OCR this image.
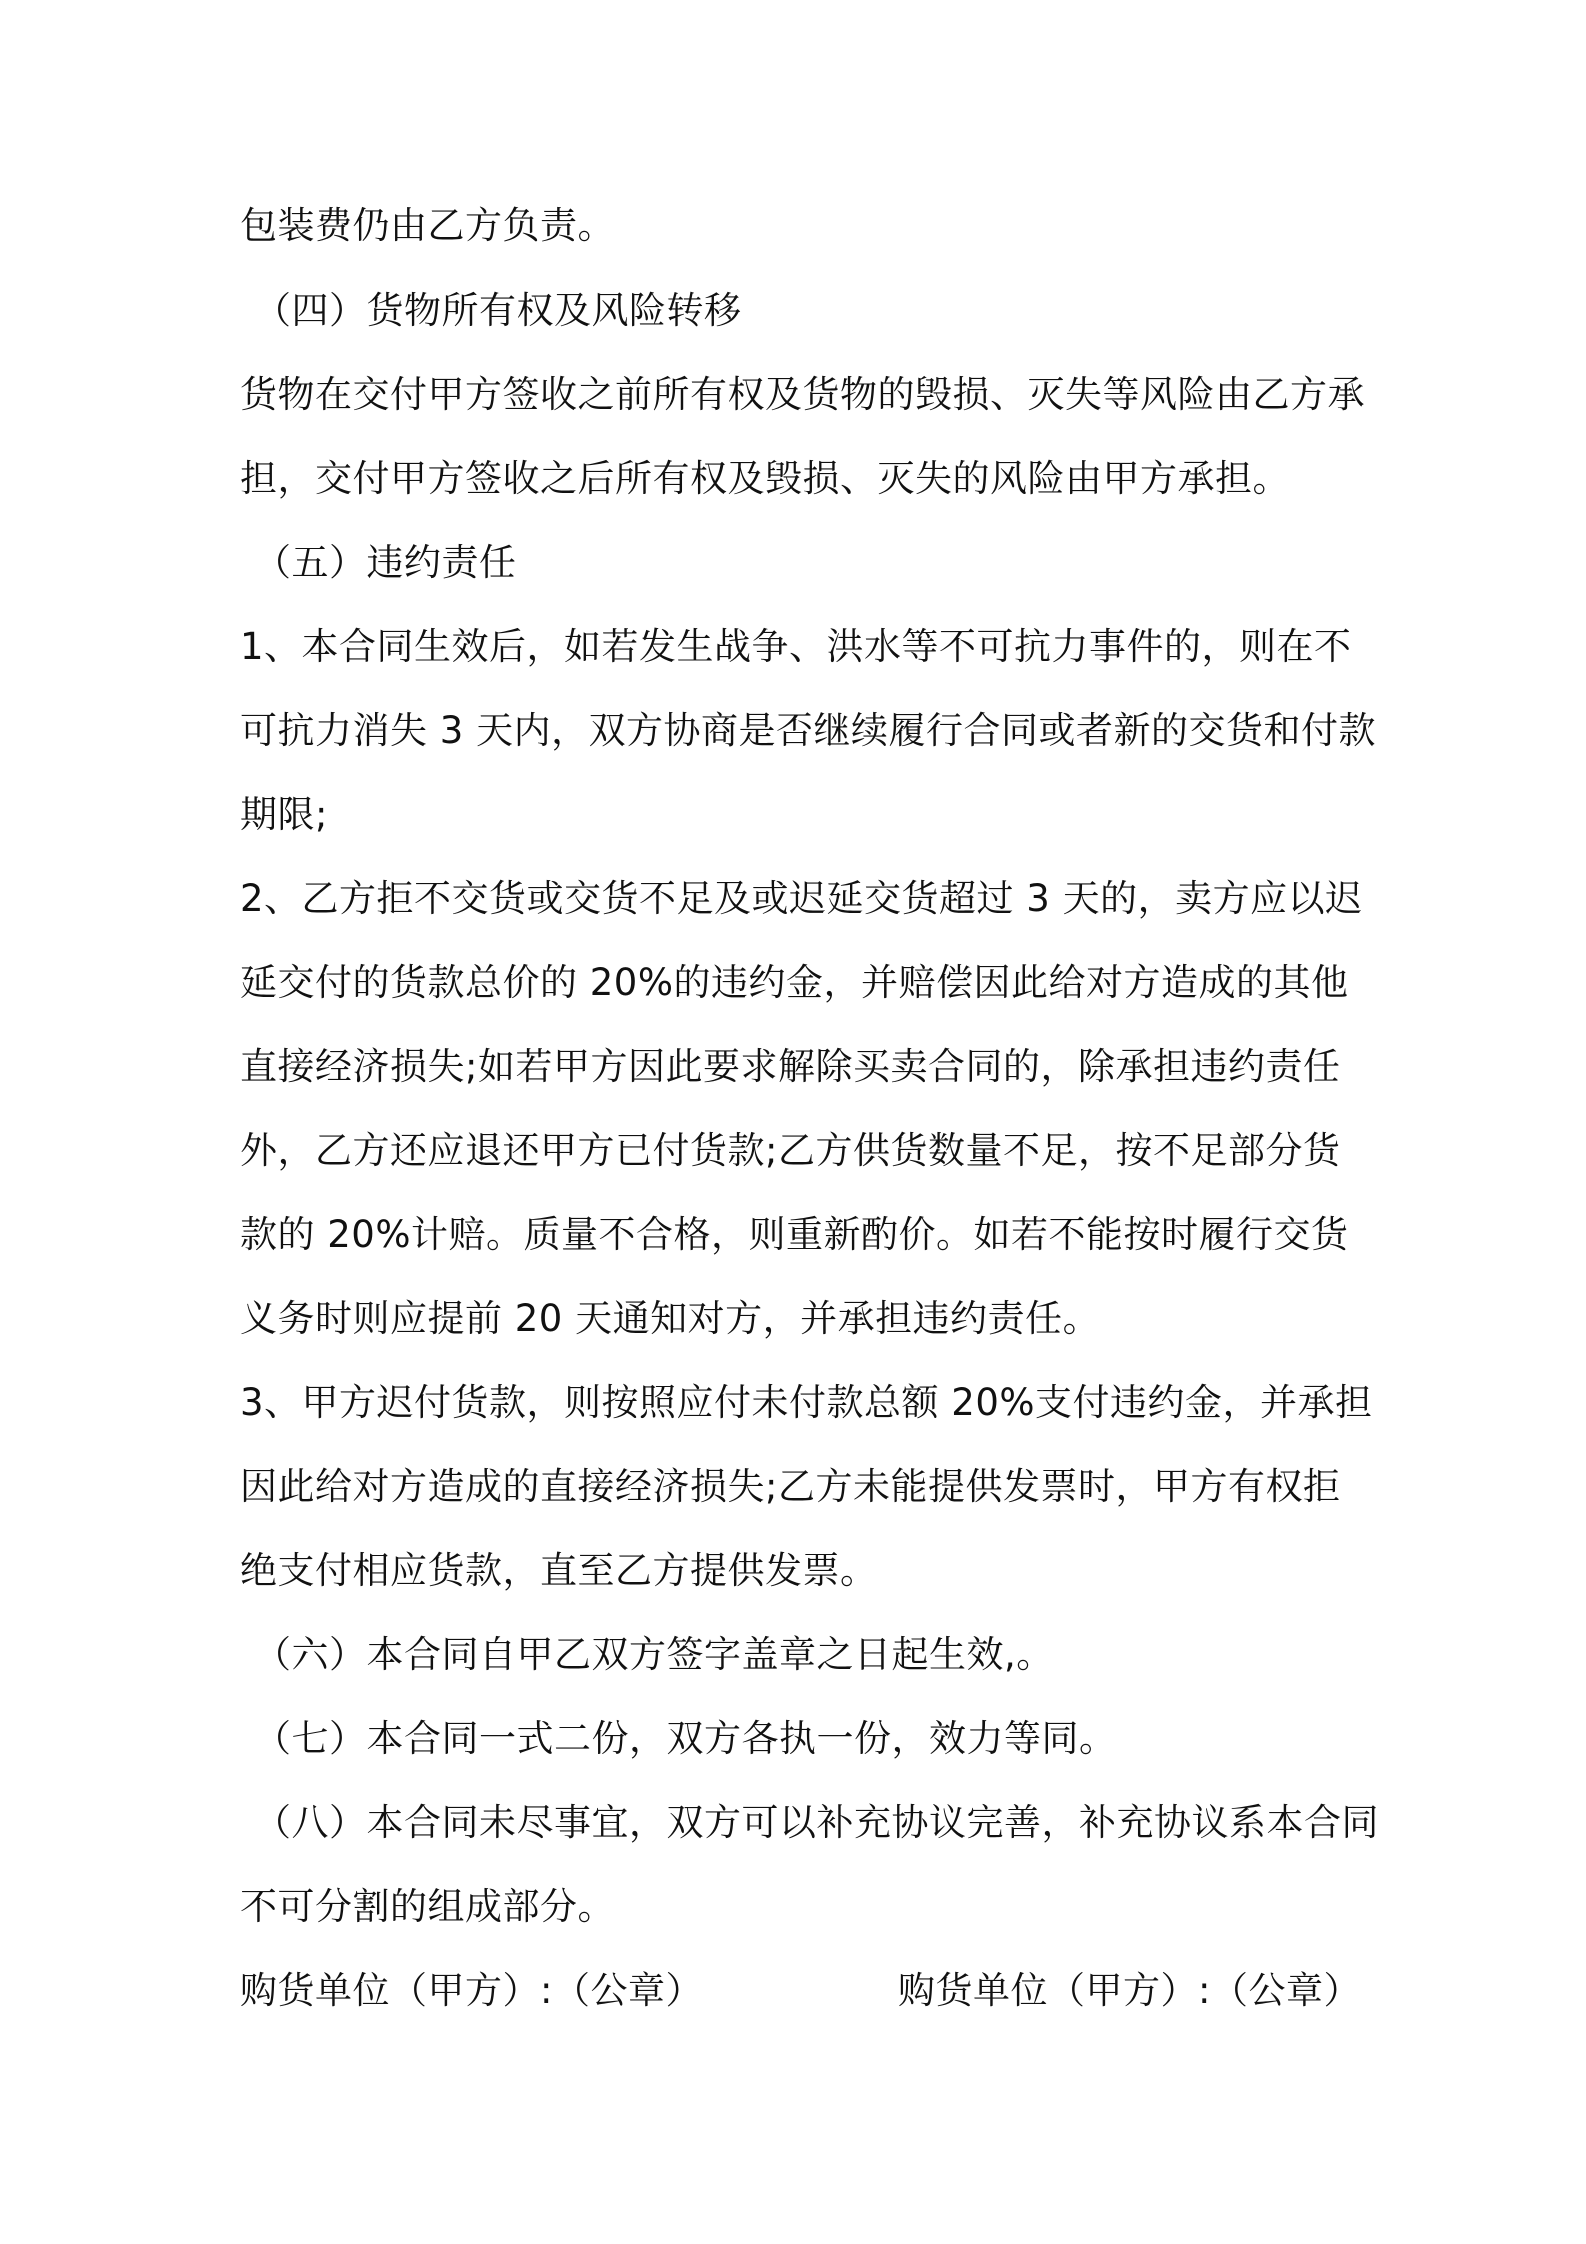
包装费仍由乙方负责。
（四）货物所有权及风险转移
货物在交付甲方签收之前所有权及货物的毁损、灭失等风险由乙方承
担，交付甲方签收之后所有权及毁损、灭失的风险由甲方承担。
（五）违约责任
1、本合同生效后，如若发生战争、洪水等不可抗力事件的，则在不
可抗力消失 3 天内，双方协商是否继续履行合同或者新的交货和付款
期限;
2、乙方拒不交货或交货不足及或迟延交货超过 3 天的，卖方应以迟
延交付的货款总价的 20%的违约金，并赔偿因此给对方造成的其他
直接经济损失;如若甲方因此要求解除买卖合同的，除承担违约责任
外，乙方还应退还甲方已付货款;乙方供货数量不足，按不足部分货
款的 20%计赔。质量不合格，则重新酌价。如若不能按时履行交货
义务时则应提前 20 天通知对方，并承担违约责任。
3、甲方迟付货款，则按照应付未付款总额 20%支付违约金，并承担
因此给对方造成的直接经济损失;乙方未能提供发票时，甲方有权拒
绝支付相应货款，直至乙方提供发票。
（六）本合同自甲乙双方签字盖章之日起生效,。
（七）本合同一式二份，双方各执一份，效力等同。
（八）本合同未尽事宜，双方可以补充协议完善，补充协议系本合同
不可分割的组成部分。
购货单位（甲方）:（公章）	购货单位（甲方）:（公章）
